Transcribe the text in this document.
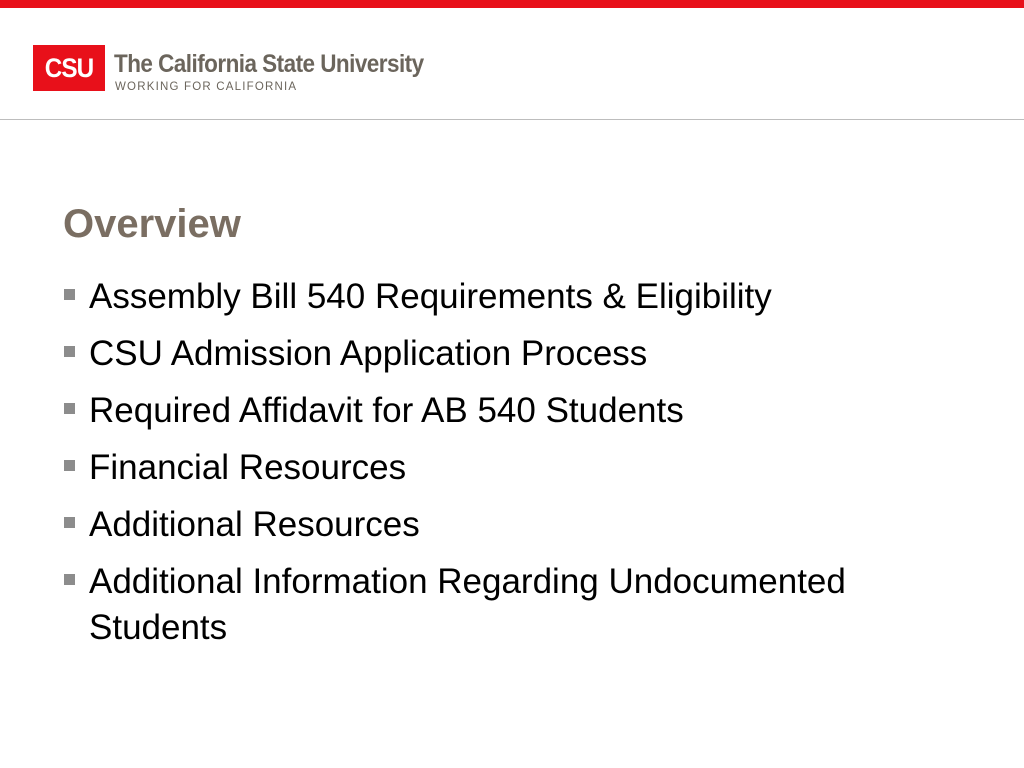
CSU The California State University
WORKING FOR CALIFORNIA
Overview
Assembly Bill 540 Requirements & Eligibility
CSU Admission Application Process
Required Affidavit for AB 540 Students
Financial Resources
Additional Resources
Additional Information Regarding Undocumented Students
